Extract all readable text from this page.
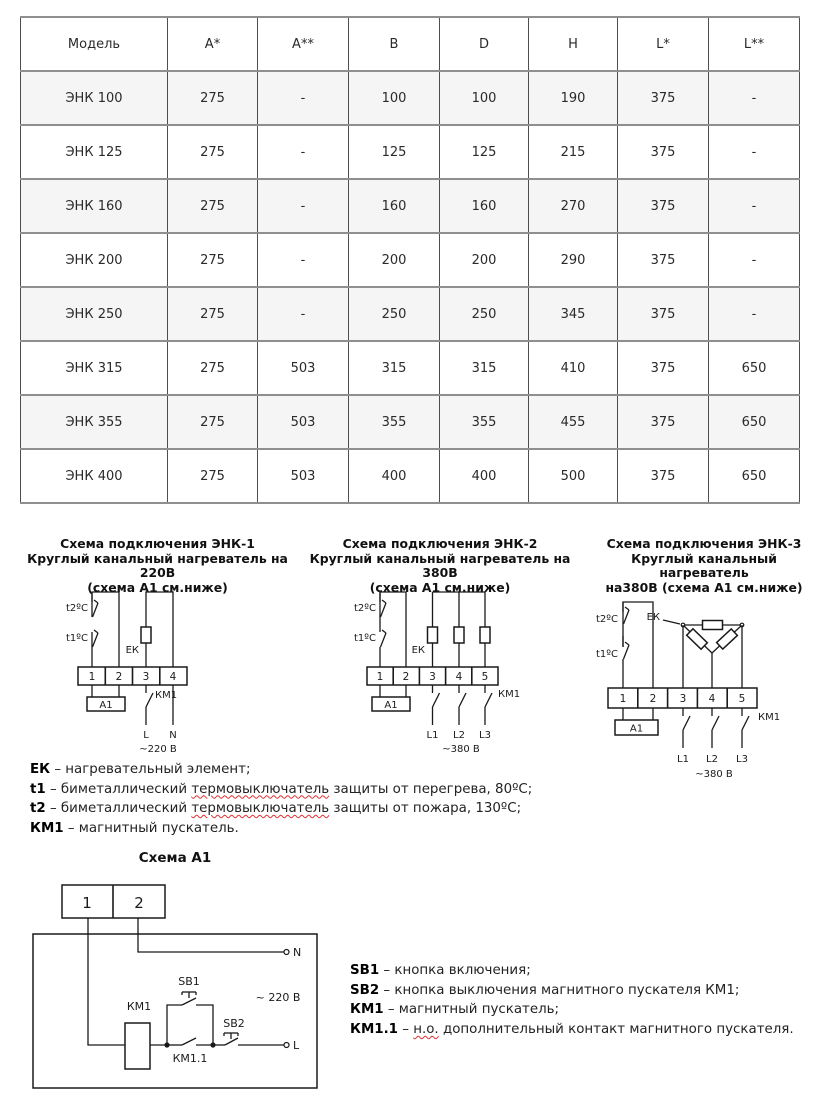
Модель	A*	A**	B	D	H	L*	L**
ЭНК 100	275	-	100	100	190	375	-
ЭНК 125	275	-	125	125	215	375	-
ЭНК 160	275	-	160	160	270	375	-
ЭНК 200	275	-	200	200	290	375	-
ЭНК 250	275	-	250	250	345	375	-
ЭНК 315	275	503	315	315	410	375	650
ЭНК 355	275	503	355	355	455	375	650
ЭНК 400	275	503	400	400	500	375	650
Схема подключения ЭНК-1
Круглый канальный нагреватель на 220В
(схема А1 см.ниже)
t2ºC
t1ºC
ЕК
1 2 3 4
А1
КМ1
L N
~220 В
Схема подключения ЭНК-2
Круглый канальный нагреватель на 380В
(схема А1 см.ниже)
t2ºC
t1ºC
ЕК
1 2 3 4 5
А1
КМ1
L1 L2 L3
~380 В
Схема подключения ЭНК-3
Круглый канальный нагреватель
на380В (схема А1 см.ниже)
t2ºC
t1ºC
ЕК
1 2 3 4 5
А1
КМ1
L1 L2 L3
~380 В
ЕК – нагревательный элемент;
t1 – биметаллический термовыключатель защиты от перегрева, 80ºС;
t2 – биметаллический термовыключатель защиты от пожара, 130ºС;
КМ1 – магнитный пускатель.
Схема А1
1	2
N
КМ1
SB1
КМ1.1
SB2
L
~ 220 В
SB1 – кнопка включения;
SB2 – кнопка выключения магнитного пускателя КМ1;
КМ1 – магнитный пускатель;
КМ1.1 – н.о. дополнительный контакт магнитного пускателя.
